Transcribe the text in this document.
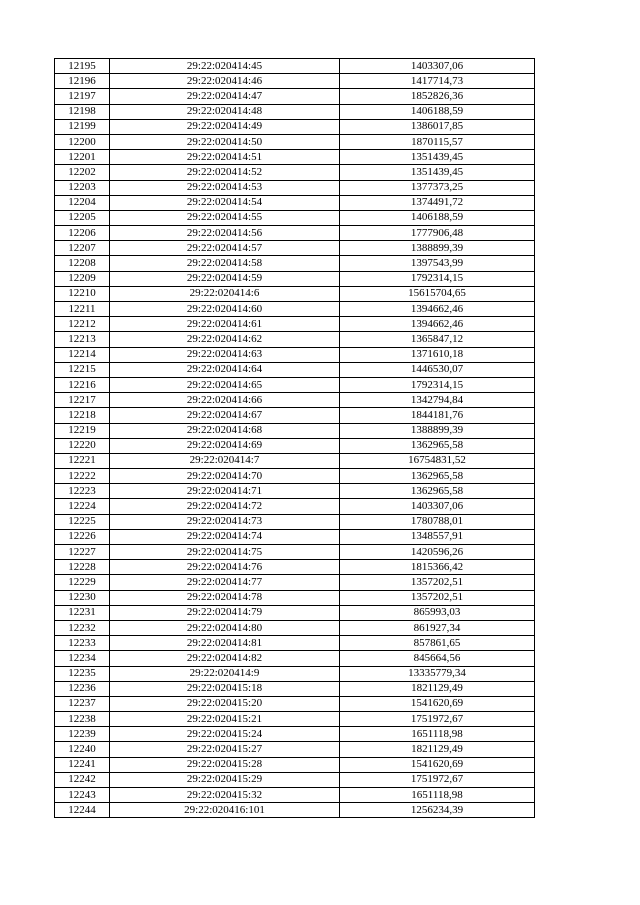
12195	29:22:020414:45	1403307,06
12196	29:22:020414:46	1417714,73
12197	29:22:020414:47	1852826,36
12198	29:22:020414:48	1406188,59
12199	29:22:020414:49	1386017,85
12200	29:22:020414:50	1870115,57
12201	29:22:020414:51	1351439,45
12202	29:22:020414:52	1351439,45
12203	29:22:020414:53	1377373,25
12204	29:22:020414:54	1374491,72
12205	29:22:020414:55	1406188,59
12206	29:22:020414:56	1777906,48
12207	29:22:020414:57	1388899,39
12208	29:22:020414:58	1397543,99
12209	29:22:020414:59	1792314,15
12210	29:22:020414:6	15615704,65
12211	29:22:020414:60	1394662,46
12212	29:22:020414:61	1394662,46
12213	29:22:020414:62	1365847,12
12214	29:22:020414:63	1371610,18
12215	29:22:020414:64	1446530,07
12216	29:22:020414:65	1792314,15
12217	29:22:020414:66	1342794,84
12218	29:22:020414:67	1844181,76
12219	29:22:020414:68	1388899,39
12220	29:22:020414:69	1362965,58
12221	29:22:020414:7	16754831,52
12222	29:22:020414:70	1362965,58
12223	29:22:020414:71	1362965,58
12224	29:22:020414:72	1403307,06
12225	29:22:020414:73	1780788,01
12226	29:22:020414:74	1348557,91
12227	29:22:020414:75	1420596,26
12228	29:22:020414:76	1815366,42
12229	29:22:020414:77	1357202,51
12230	29:22:020414:78	1357202,51
12231	29:22:020414:79	865993,03
12232	29:22:020414:80	861927,34
12233	29:22:020414:81	857861,65
12234	29:22:020414:82	845664,56
12235	29:22:020414:9	13335779,34
12236	29:22:020415:18	1821129,49
12237	29:22:020415:20	1541620,69
12238	29:22:020415:21	1751972,67
12239	29:22:020415:24	1651118,98
12240	29:22:020415:27	1821129,49
12241	29:22:020415:28	1541620,69
12242	29:22:020415:29	1751972,67
12243	29:22:020415:32	1651118,98
12244	29:22:020416:101	1256234,39
